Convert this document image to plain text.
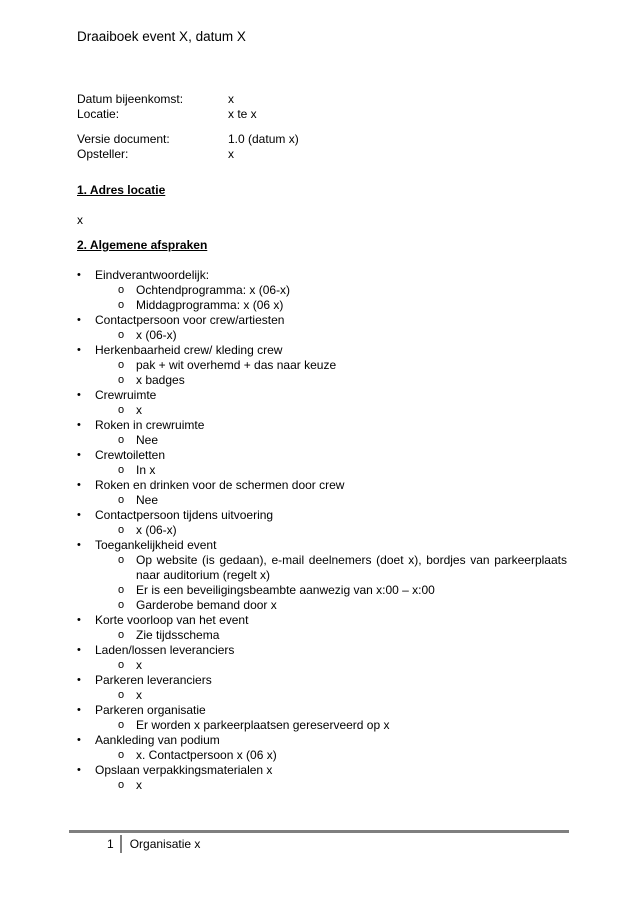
Draaiboek event X, datum X
Datum bijeenkomst:	x
Locatie:	x te x
Versie document:	1.0 (datum x)
Opsteller:	x
1. Adres locatie
x
2. Algemene afspraken
• Eindverantwoordelijk:
o Ochtendprogramma: x (06-x)
o Middagprogramma: x (06 x)
• Contactpersoon voor crew/artiesten
o x (06-x)
• Herkenbaarheid crew/ kleding crew
o pak + wit overhemd + das naar keuze
o x badges
• Crewruimte
o x
• Roken in crewruimte
o Nee
• Crewtoiletten
o In x
• Roken en drinken voor de schermen door crew
o Nee
• Contactpersoon tijdens uitvoering
o x (06-x)
• Toegankelijkheid event
o Op website (is gedaan), e-mail deelnemers (doet x), bordjes van parkeerplaats naar auditorium (regelt x)
o Er is een beveiligingsbeambte aanwezig van x:00 – x:00
o Garderobe bemand door x
• Korte voorloop van het event
o Zie tijdsschema
• Laden/lossen leveranciers
o x
• Parkeren leveranciers
o x
• Parkeren organisatie
o Er worden x parkeerplaatsen gereserveerd op x
• Aankleding van podium
o x. Contactpersoon x (06 x)
• Opslaan verpakkingsmaterialen x
o x
1	Organisatie x
